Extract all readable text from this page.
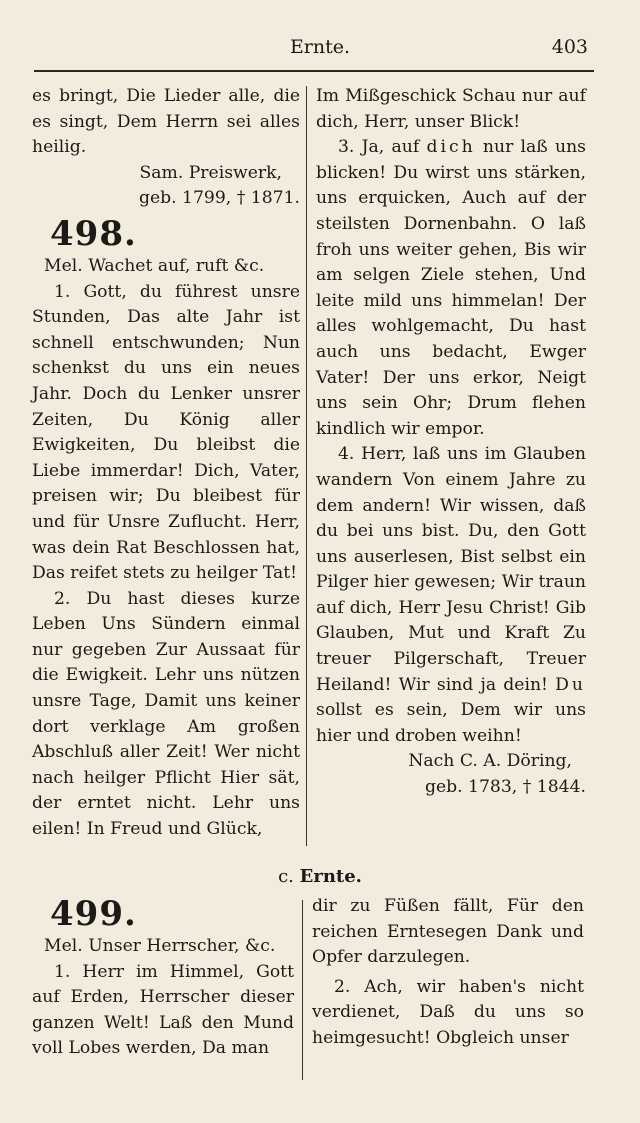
Ernte.	403

es bringt, Die Lieder alle, die es singt, Dem Herrn sei alles heilig.

Sam. Preiswerk,

geb. 1799, † 1871.

498.

Mel. Wachet auf, ruft &c.

1. Gott, du führest unsre Stunden, Das alte Jahr ist schnell entschwunden; Nun schenkst du uns ein neues Jahr. Doch du Lenker unsrer Zeiten, Du König aller Ewigkeiten, Du bleibst die Liebe immerdar! Dich, Vater, preisen wir; Du bleibest für und für Unsre Zuflucht. Herr, was dein Rat Beschlossen hat, Das reifet stets zu heilger Tat!

2. Du hast dieses kurze Leben Uns Sündern einmal nur gegeben Zur Aussaat für die Ewigkeit. Lehr uns nützen unsre Tage, Damit uns keiner dort verklage Am großen Abschluß aller Zeit! Wer nicht nach heilger Pflicht Hier sät, der erntet nicht. Lehr uns eilen! In Freud und Glück,

Im Mißgeschick Schau nur auf dich, Herr, unser Blick!

3. Ja, auf dich nur laß uns blicken! Du wirst uns stärken, uns erquicken, Auch auf der steilsten Dornenbahn. O laß froh uns weiter gehen, Bis wir am selgen Ziele stehen, Und leite mild uns himmelan! Der alles wohlgemacht, Du hast auch uns bedacht, Ewger Vater! Der uns erkor, Neigt uns sein Ohr; Drum flehen kindlich wir empor.

4. Herr, laß uns im Glauben wandern Von einem Jahre zu dem andern! Wir wissen, daß du bei uns bist. Du, den Gott uns auserlesen, Bist selbst ein Pilger hier gewesen; Wir traun auf dich, Herr Jesu Christ! Gib Glauben, Mut und Kraft Zu treuer Pilgerschaft, Treuer Heiland! Wir sind ja dein! Du sollst es sein, Dem wir uns hier und droben weihn!

Nach C. A. Döring,

geb. 1783, † 1844.

c. Ernte.
499.

Mel. Unser Herrscher, &c.

1. Herr im Himmel, Gott auf Erden, Herrscher dieser ganzen Welt! Laß den Mund voll Lobes werden, Da man

dir zu Füßen fällt, Für den reichen Erntesegen Dank und Opfer darzulegen.

2. Ach, wir haben's nicht verdienet, Daß du uns so heimgesucht! Obgleich unser
